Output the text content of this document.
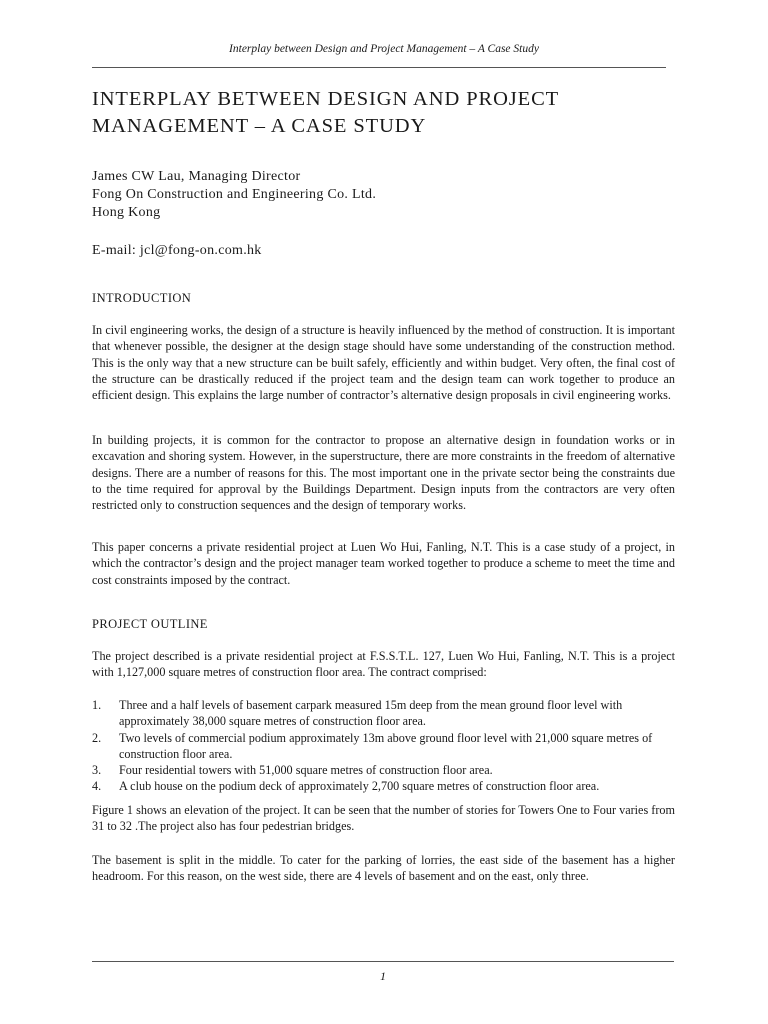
Interplay between Design and Project Management – A Case Study
INTERPLAY BETWEEN DESIGN AND PROJECT
MANAGEMENT – A CASE STUDY
James CW Lau, Managing Director
Fong On Construction and Engineering Co. Ltd.
Hong Kong
E-mail: jcl@fong-on.com.hk
INTRODUCTION

In civil engineering works, the design of a structure is heavily influenced by the method of construction. It is important that whenever possible, the designer at the design stage should have some understanding of the construction method. This is the only way that a new structure can be built safely, efficiently and within budget. Very often, the final cost of the structure can be drastically reduced if the project team and the design team can work together to produce an efficient design. This explains the large number of contractor’s alternative design proposals in civil engineering works.

In building projects, it is common for the contractor to propose an alternative design in foundation works or in excavation and shoring system. However, in the superstructure, there are more constraints in the freedom of alternative designs. There are a number of reasons for this. The most important one in the private sector being the constraints due to the time required for approval by the Buildings Department. Design inputs from the contractors are very often restricted only to construction sequences and the design of temporary works.

This paper concerns a private residential project at Luen Wo Hui, Fanling, N.T. This is a case study of a project, in which the contractor’s design and the project manager team worked together to produce a scheme to meet the time and cost constraints imposed by the contract.

PROJECT OUTLINE

The project described is a private residential project at F.S.S.T.L. 127, Luen Wo Hui, Fanling, N.T. This is a project with 1,127,000 square metres of construction floor area. The contract comprised:

1. Three and a half levels of basement carpark measured 15m deep from the mean ground floor level with approximately 38,000 square metres of construction floor area.
2. Two levels of commercial podium approximately 13m above ground floor level with 21,000 square metres of construction floor area.
3. Four residential towers with 51,000 square metres of construction floor area.
4. A club house on the podium deck of approximately 2,700 square metres of construction floor area.

Figure 1 shows an elevation of the project. It can be seen that the number of stories for Towers One to Four varies from 31 to 32 .The project also has four pedestrian bridges.

The basement is split in the middle. To cater for the parking of lorries, the east side of the basement has a higher headroom. For this reason, on the west side, there are 4 levels of basement and on the east, only three.

1
